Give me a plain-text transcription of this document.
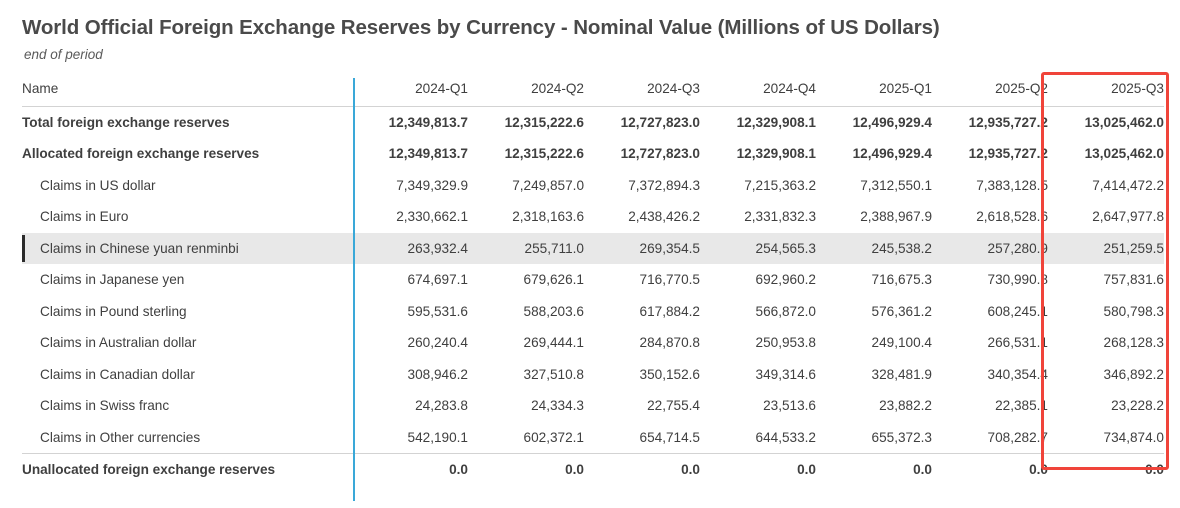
World Official Foreign Exchange Reserves by Currency - Nominal Value (Millions of US Dollars)
end of period
Name	2024-Q1	2024-Q2	2024-Q3	2024-Q4	2025-Q1	2025-Q2	2025-Q3
Total foreign exchange reserves	12,349,813.7	12,315,222.6	12,727,823.0	12,329,908.1	12,496,929.4	12,935,727.2	13,025,462.0
Allocated foreign exchange reserves	12,349,813.7	12,315,222.6	12,727,823.0	12,329,908.1	12,496,929.4	12,935,727.2	13,025,462.0
Claims in US dollar	7,349,329.9	7,249,857.0	7,372,894.3	7,215,363.2	7,312,550.1	7,383,128.5	7,414,472.2
Claims in Euro	2,330,662.1	2,318,163.6	2,438,426.2	2,331,832.3	2,388,967.9	2,618,528.6	2,647,977.8
Claims in Chinese yuan renminbi	263,932.4	255,711.0	269,354.5	254,565.3	245,538.2	257,280.9	251,259.5
Claims in Japanese yen	674,697.1	679,626.1	716,770.5	692,960.2	716,675.3	730,990.8	757,831.6
Claims in Pound sterling	595,531.6	588,203.6	617,884.2	566,872.0	576,361.2	608,245.1	580,798.3
Claims in Australian dollar	260,240.4	269,444.1	284,870.8	250,953.8	249,100.4	266,531.1	268,128.3
Claims in Canadian dollar	308,946.2	327,510.8	350,152.6	349,314.6	328,481.9	340,354.4	346,892.2
Claims in Swiss franc	24,283.8	24,334.3	22,755.4	23,513.6	23,882.2	22,385.1	23,228.2
Claims in Other currencies	542,190.1	602,372.1	654,714.5	644,533.2	655,372.3	708,282.7	734,874.0
Unallocated foreign exchange reserves	0.0	0.0	0.0	0.0	0.0	0.0	0.0
